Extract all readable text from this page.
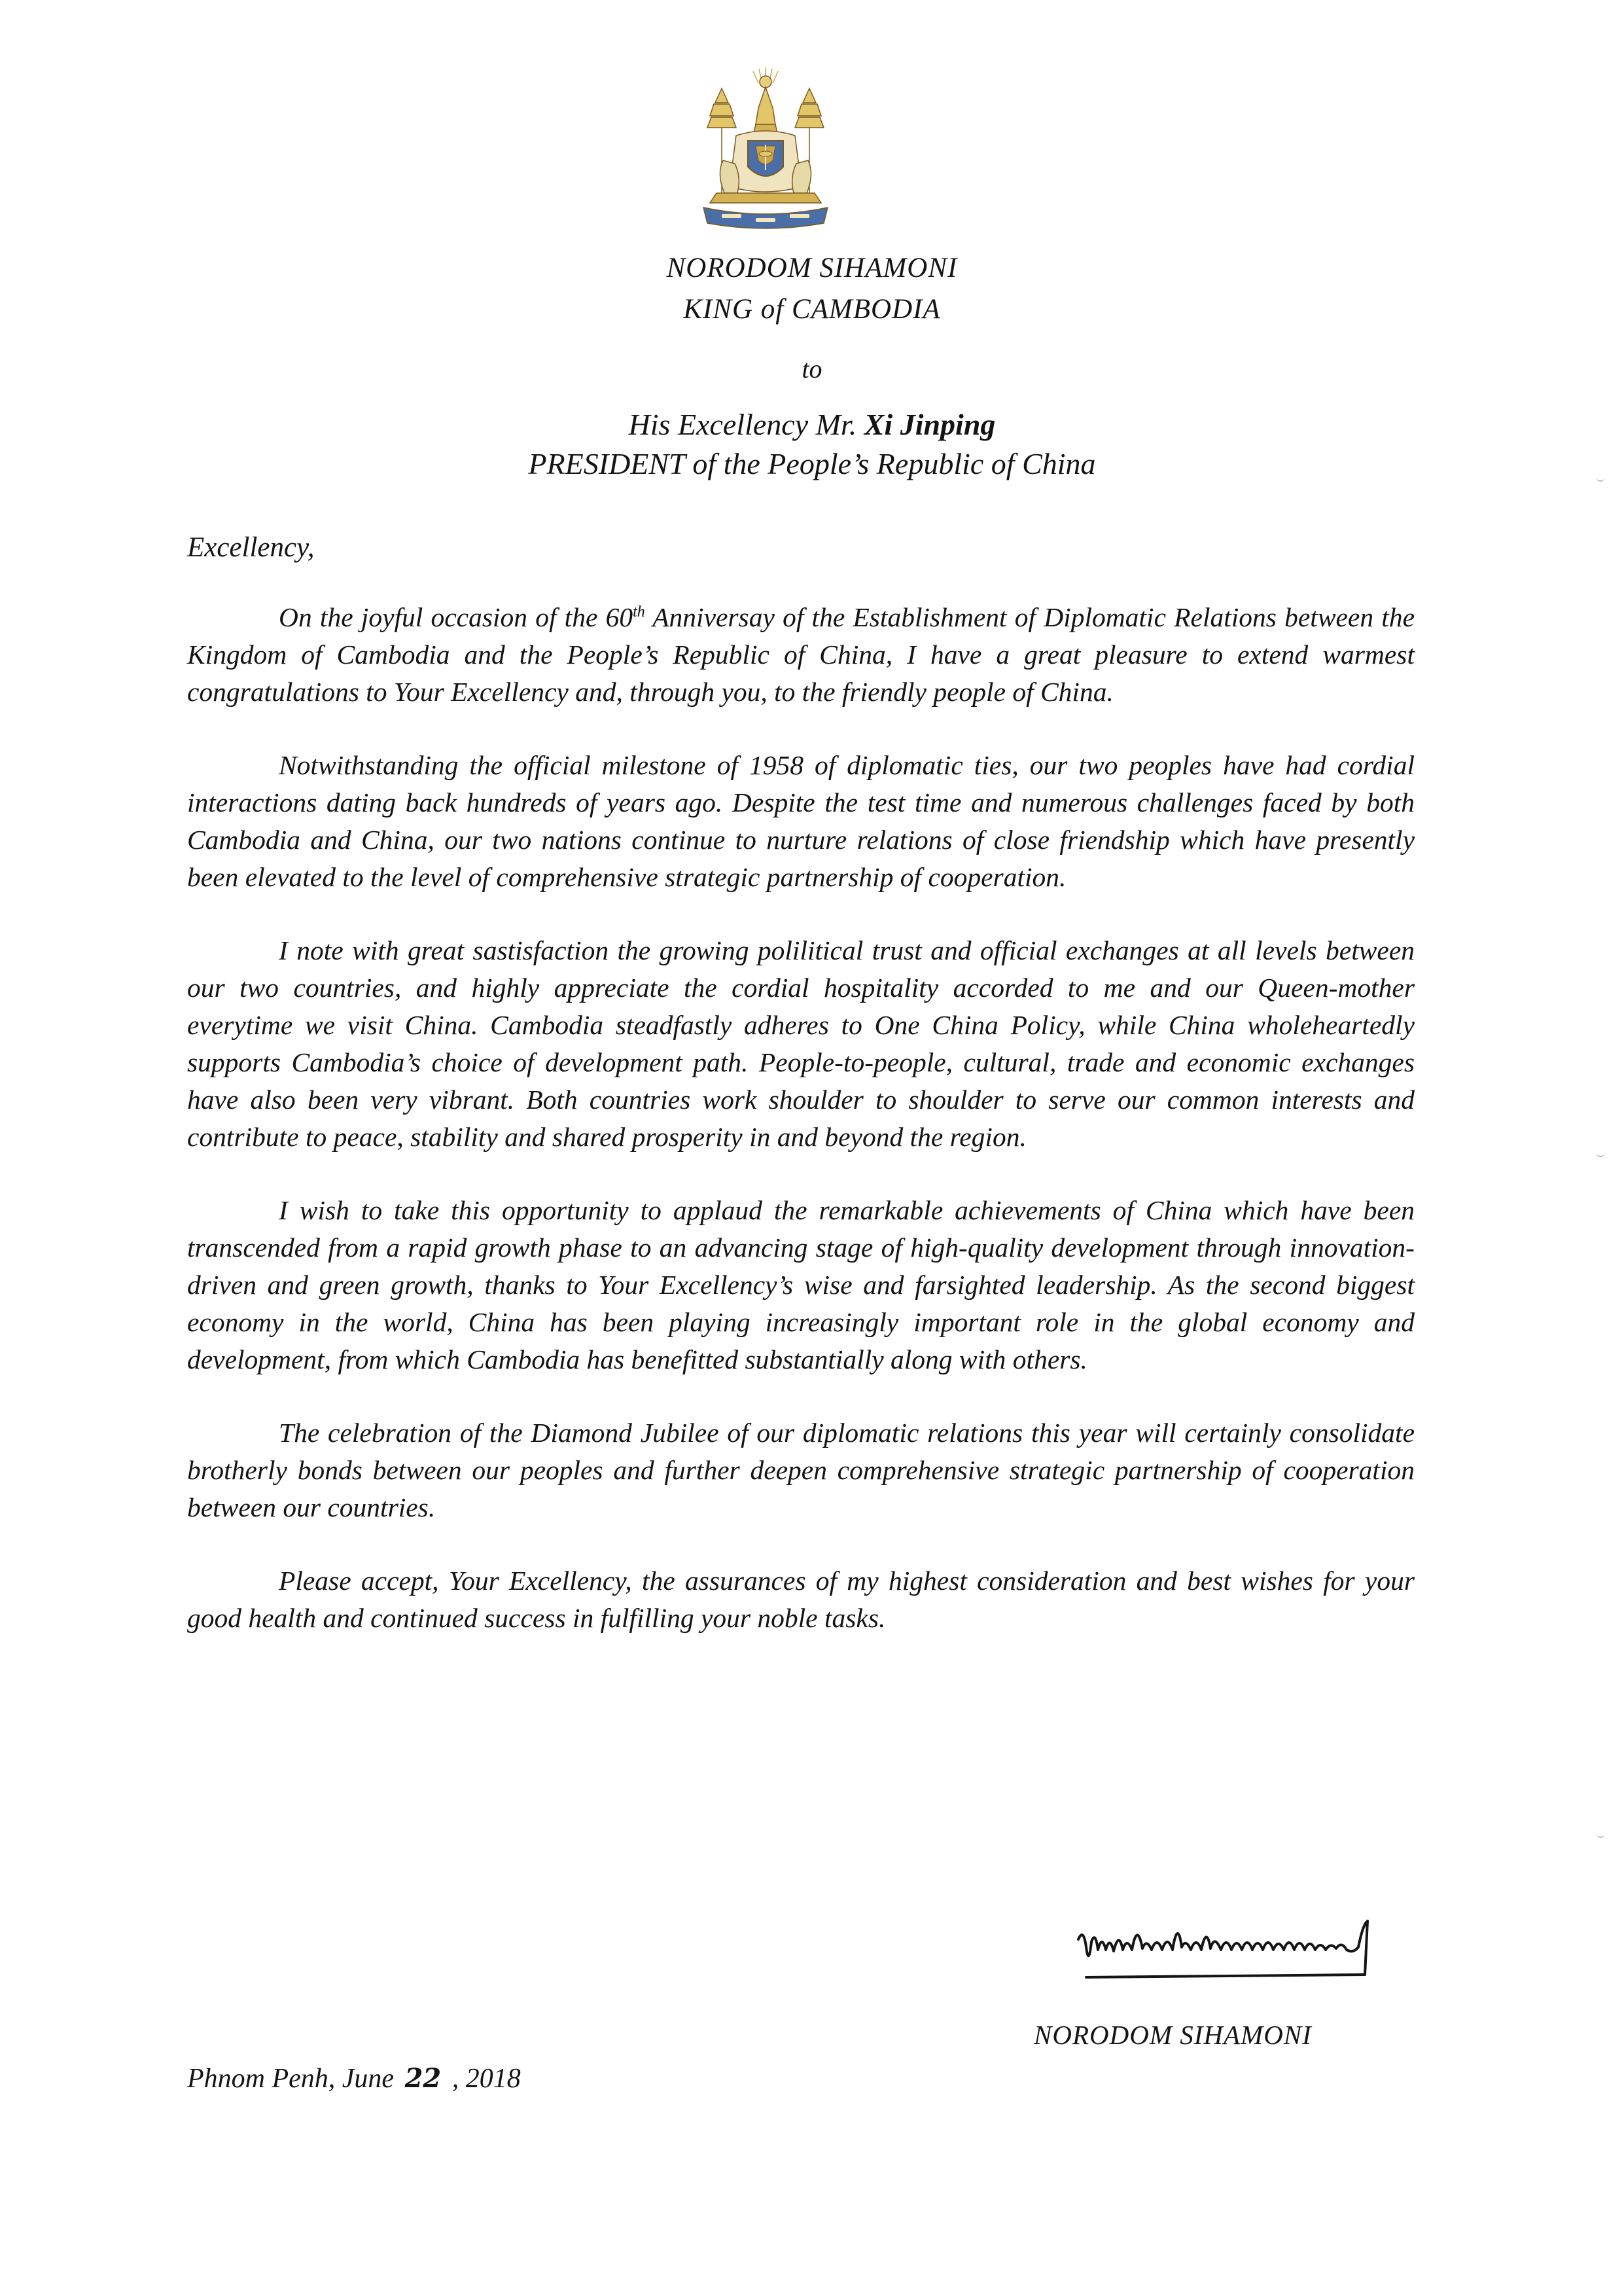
NORODOM SIHAMONI
KING of CAMBODIA
to
His Excellency Mr. Xi Jinping
PRESIDENT of the People’s Republic of China
Excellency,

On the joyful occasion of the 60th Anniversay of the Establishment of Diplomatic Relations between the Kingdom of Cambodia and the People’s Republic of China, I have a great pleasure to extend warmest congratulations to Your Excellency and, through you, to the friendly people of China.

Notwithstanding the official milestone of 1958 of diplomatic ties, our two peoples have had cordial interactions dating back hundreds of years ago. Despite the test time and numerous challenges faced by both Cambodia and China, our two nations continue to nurture relations of close friendship which have presently been elevated to the level of comprehensive strategic partnership of cooperation.

I note with great sastisfaction the growing polilitical trust and official exchanges at all levels between our two countries, and highly appreciate the cordial hospitality accorded to me and our Queen-mother everytime we visit China. Cambodia steadfastly adheres to One China Policy, while China wholeheartedly supports Cambodia’s choice of development path. People-to-people, cultural, trade and economic exchanges have also been very vibrant. Both countries work shoulder to shoulder to serve our common interests and contribute to peace, stability and shared prosperity in and beyond the region.

I wish to take this opportunity to applaud the remarkable achievements of China which have been transcended from a rapid growth phase to an advancing stage of high-quality development through innovation-driven and green growth, thanks to Your Excellency’s wise and farsighted leadership. As the second biggest economy in the world, China has been playing increasingly important role in the global economy and development, from which Cambodia has benefitted substantially along with others.

The celebration of the Diamond Jubilee of our diplomatic relations this year will certainly consolidate brotherly bonds between our peoples and further deepen comprehensive strategic partnership of cooperation between our countries.

Please accept, Your Excellency, the assurances of my highest consideration and best wishes for your good health and continued success in fulfilling your noble tasks.

NORODOM SIHAMONI
Phnom Penh, June 22 , 2018
